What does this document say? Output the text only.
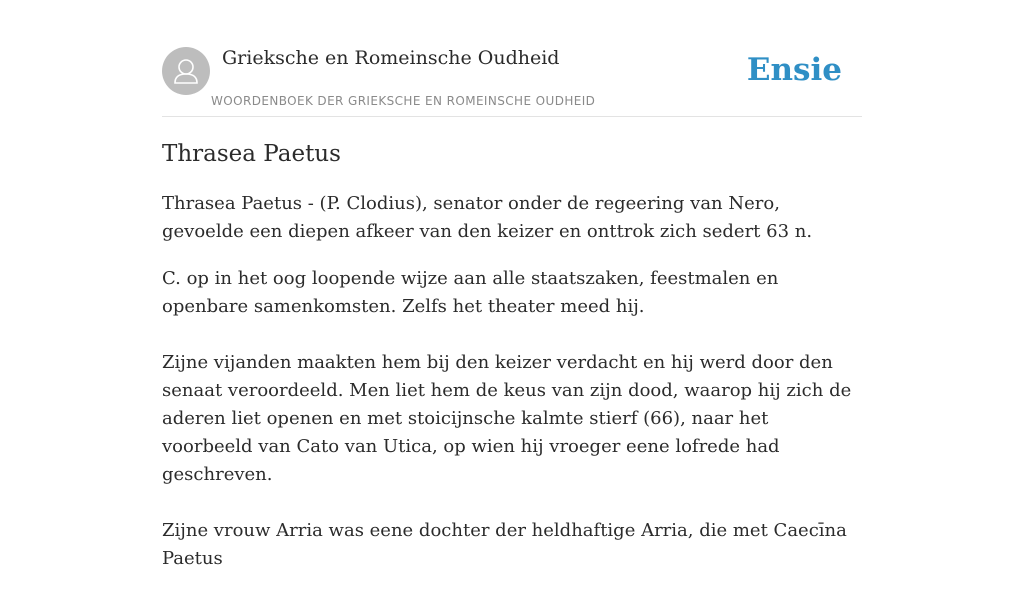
Grieksche en Romeinsche Oudheid
WOORDENBOEK DER GRIEKSCHE EN ROMEINSCHE OUDHEID
Ensie
Thrasea Paetus

Thrasea Paetus - (P. Clodius), senator onder de regeering van Nero, gevoelde een diepen afkeer van den keizer en onttrok zich sedert 63 n.

C. op in het oog loopende wijze aan alle staatszaken, feestmalen en openbare samenkomsten. Zelfs het theater meed hij.

Zijne vijanden maakten hem bij den keizer verdacht en hij werd door den senaat veroordeeld. Men liet hem de keus van zijn dood, waarop hij zich de aderen liet openen en met stoicijnsche kalmte stierf (66), naar het voorbeeld van Cato van Utica, op wien hij vroeger eene lofrede had geschreven.

Zijne vrouw Arria was eene dochter der heldhaftige Arria, die met Caecīna Paetus
